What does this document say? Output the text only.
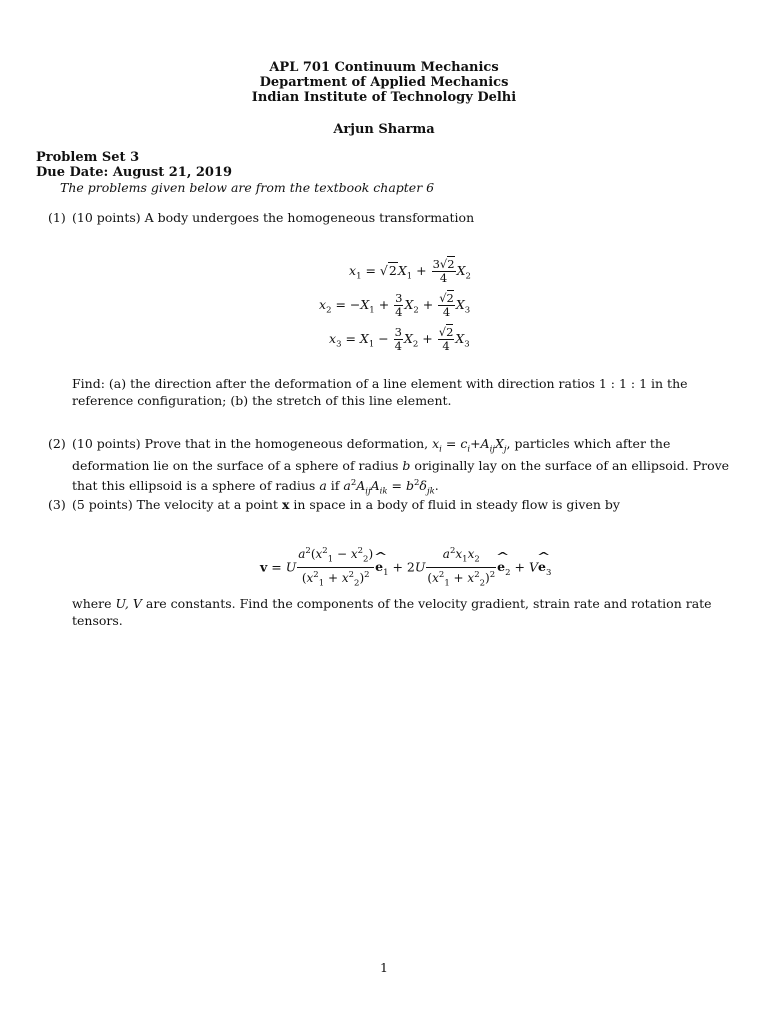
APL 701 Continuum Mechanics
Department of Applied Mechanics
Indian Institute of Technology Delhi
Arjun Sharma
Problem Set 3
Due Date: August 21, 2019
The problems given below are from the textbook chapter 6
(1) (10 points) A body undergoes the homogeneous transformation
$x_1 = √2X_1 + \frac{3√2}{4} X_2$
$x_2 = -X_1 + \frac{3}{4} X_2 + \frac{√2}{4} X_3$
$x_3 = X_1 - \frac{3}{4} X_2 + \frac{√2}{4} X_3$
Find: (a) the direction after the deformation of a line element with direction ratios 1 : 1 : 1 in the reference configuration; (b) the stretch of this line element.
(2) (10 points) Prove that in the homogeneous deformation, $x_i = c_i+A_{ij}X_j$, particles which after the deformation lie on the surface of a sphere of radius b originally lay on the surface of an ellipsoid. Prove that this ellipsoid is a sphere of radius a if $a^2A_{ij}A_{ik} = b^2\delta_{jk}$.
(3) (5 points) The velocity at a point x in space in a body of fluid in steady flow is given by
v = U $\frac{a^2(x^2_1 - x^2_2)}{(x^2_1 + x^2_2)^2}$ ^ $e_1 + 2U \frac{a^2x_1x_2}{(x^2_1 + x^2_2)^2}$ ^ $e_2$ + V^ $e_3$
where U, V are constants. Find the components of the velocity gradient, strain rate and rotation rate tensors.
1
